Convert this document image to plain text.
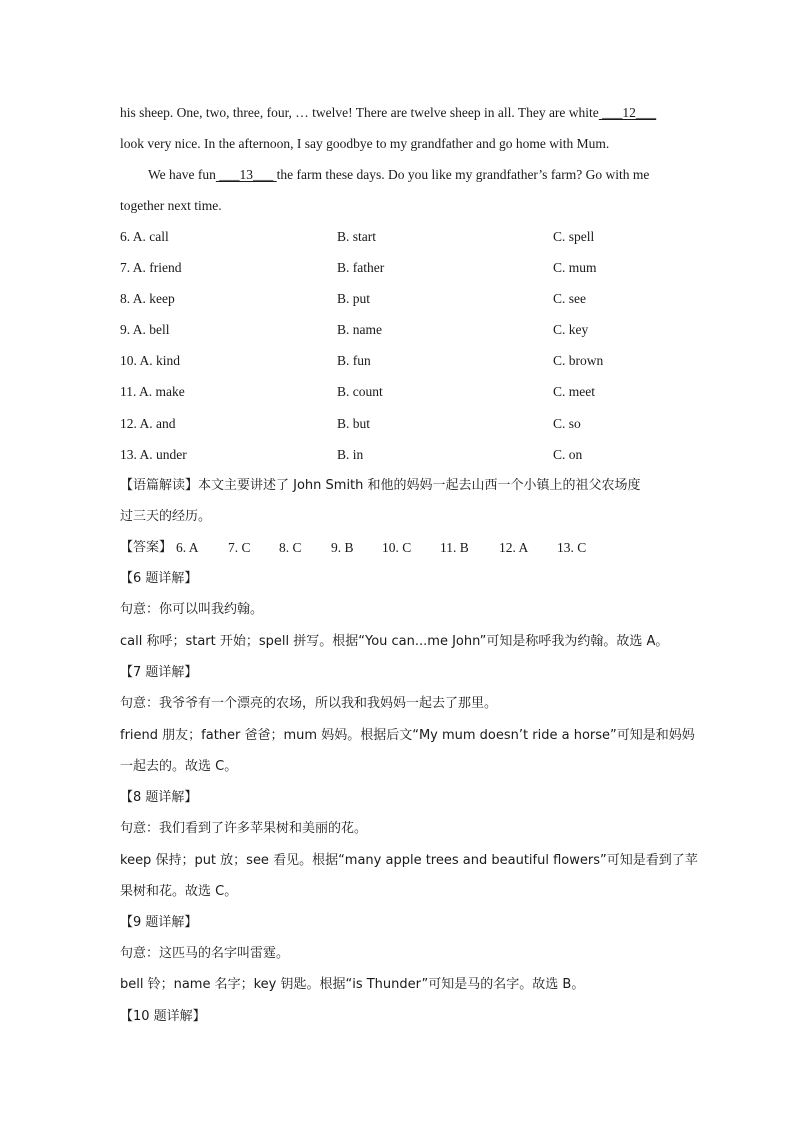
his sheep. One, two, three, four, … twelve! There are twelve sheep in all. They are white ___12___
look very nice. In the afternoon, I say goodbye to my grandfather and go home with Mum.
We have fun ___13___ the farm these days. Do you like my grandfather’s farm? Go with me
together next time.
6. A. call	B. start	C. spell
7. A. friend	B. father	C. mum
8. A. keep	B. put	C. see
9. A. bell	B. name	C. key
10. A. kind	B. fun	C. brown
11. A. make	B. count	C. meet
12. A. and	B. but	C. so
13. A. under	B. in	C. on
【语篇解读】本文主要讲述了 John Smith 和他的妈妈一起去山西一个小镇上的祖父农场度
过三天的经历。
【答案】 6. A 7. C 8. C 9. B 10. C 11. B 12. A 13. C
【6 题详解】
句意：你可以叫我约翰。
call 称呼；start 开始；spell 拼写。根据“You can...me John”可知是称呼我为约翰。故选 A。
【7 题详解】
句意：我爷爷有一个漂亮的农场，所以我和我妈妈一起去了那里。
friend 朋友；father 爸爸；mum 妈妈。根据后文“My mum doesn’t ride a horse”可知是和妈妈
一起去的。故选 C。
【8 题详解】
句意：我们看到了许多苹果树和美丽的花。
keep 保持；put 放；see 看见。根据“many apple trees and beautiful flowers”可知是看到了苹
果树和花。故选 C。
【9 题详解】
句意：这匹马的名字叫雷霆。
bell 铃；name 名字；key 钥匙。根据“is Thunder”可知是马的名字。故选 B。
【10 题详解】
